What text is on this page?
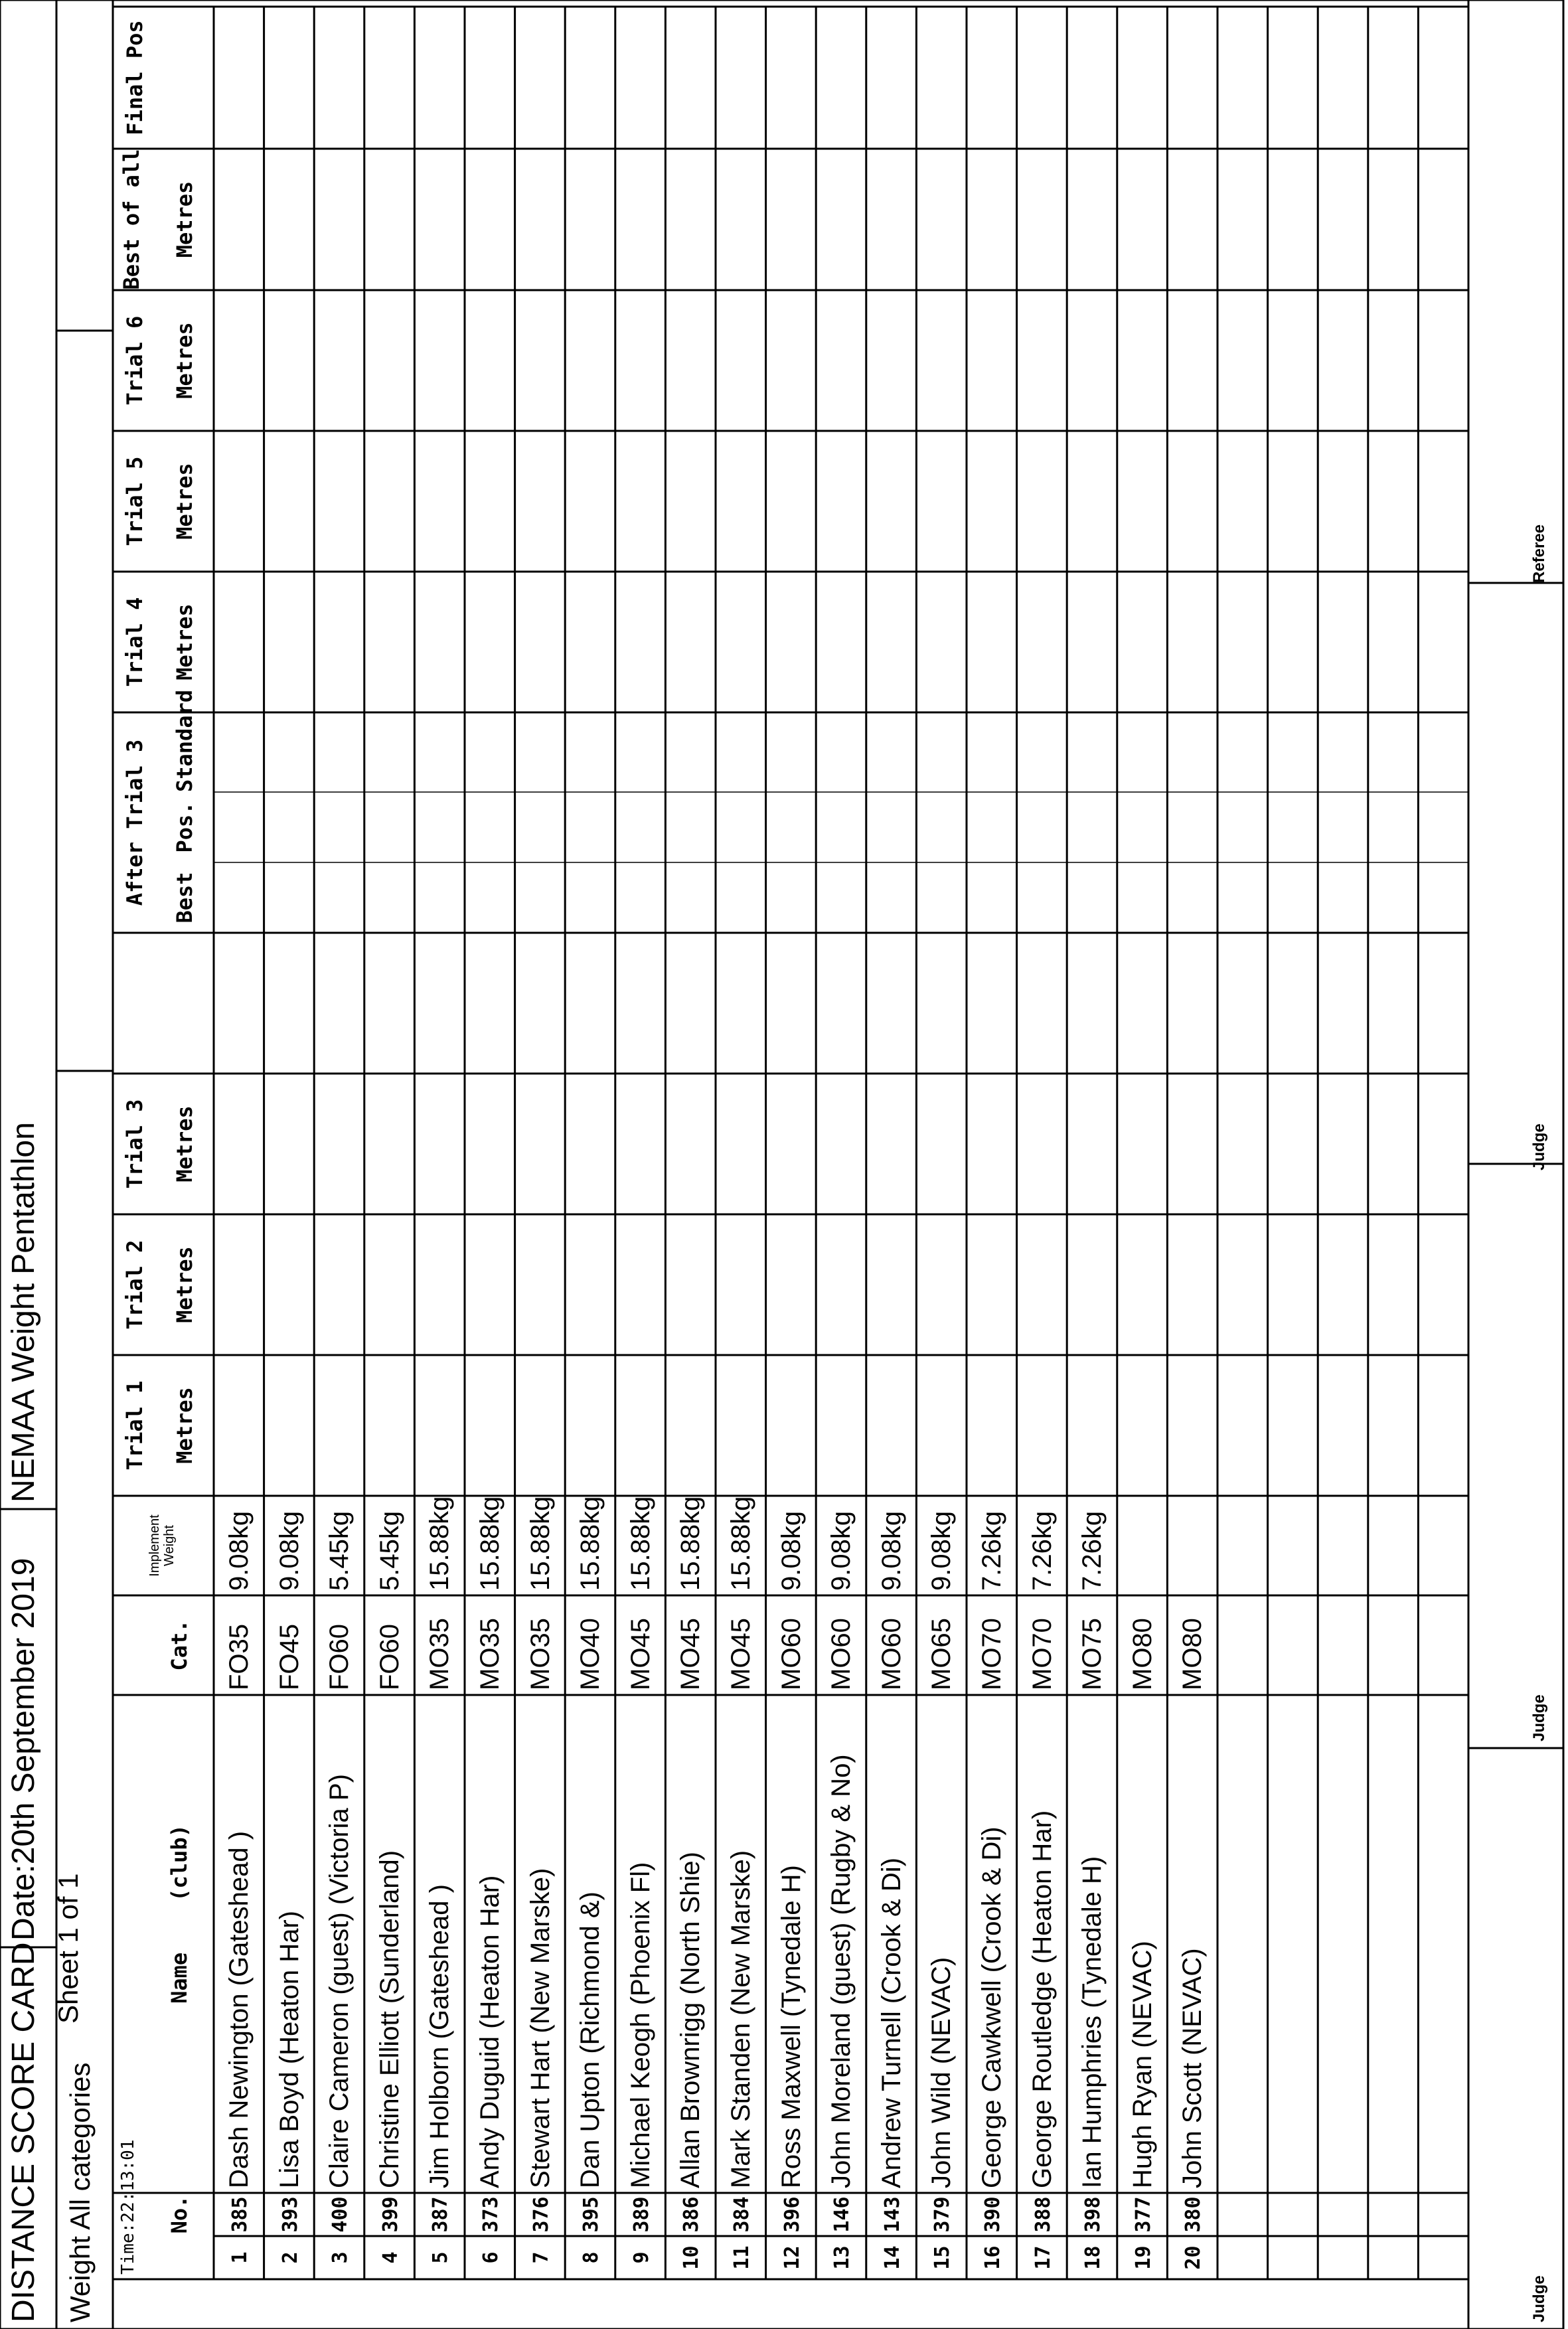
DISTANCE SCORE CARD
Date:20th September 2019
NEMAA Weight Pentathlon
Weight All categories
Sheet 1 of 1
Time:22:13:01 No.
Name    (club)
Cat.
Implement Weight
Trial 1 Metres
Trial 2 Metres
Trial 3 Metres
Trial 4 Metres
Trial 5 Metres
Trial 6 Metres
After Trial 3 Best
Pos.
Standard
Best of all Metres
Final Pos
1
385
Dash Newington (Gateshead )
FO35
9.08kg
2
393
Lisa Boyd (Heaton Har)
FO45
9.08kg
3
400
Claire Cameron (guest) (Victoria P)
FO60
5.45kg
4
399
Christine Elliott (Sunderland)
FO60
5.45kg
5
387
Jim Holborn (Gateshead )
MO35
15.88kg
6
373
Andy Duguid (Heaton Har)
MO35
15.88kg
7
376
Stewart Hart (New Marske)
MO35
15.88kg
8
395
Dan Upton (Richmond &)
MO40
15.88kg
9
389
Michael Keogh (Phoenix Fl)
MO45
15.88kg
10
386
Allan Brownrigg (North Shie)
MO45
15.88kg
11
384
Mark Standen (New Marske)
MO45
15.88kg
12
396
Ross Maxwell (Tynedale H)
MO60
9.08kg
13
146
John Moreland (guest) (Rugby & No)
MO60
9.08kg
14
143
Andrew Turnell (Crook & Di)
MO60
9.08kg
15
379
John Wild (NEVAC)
MO65
9.08kg
16
390
George Cawkwell (Crook & Di)
MO70
7.26kg
17
388
George Routledge (Heaton Har)
MO70
7.26kg
18
398
Ian Humphries (Tynedale H)
MO75
7.26kg
19
377
Hugh Ryan (NEVAC)
MO80
20
380
John Scott (NEVAC)
MO80
Judge
Judge
Judge
Referee
